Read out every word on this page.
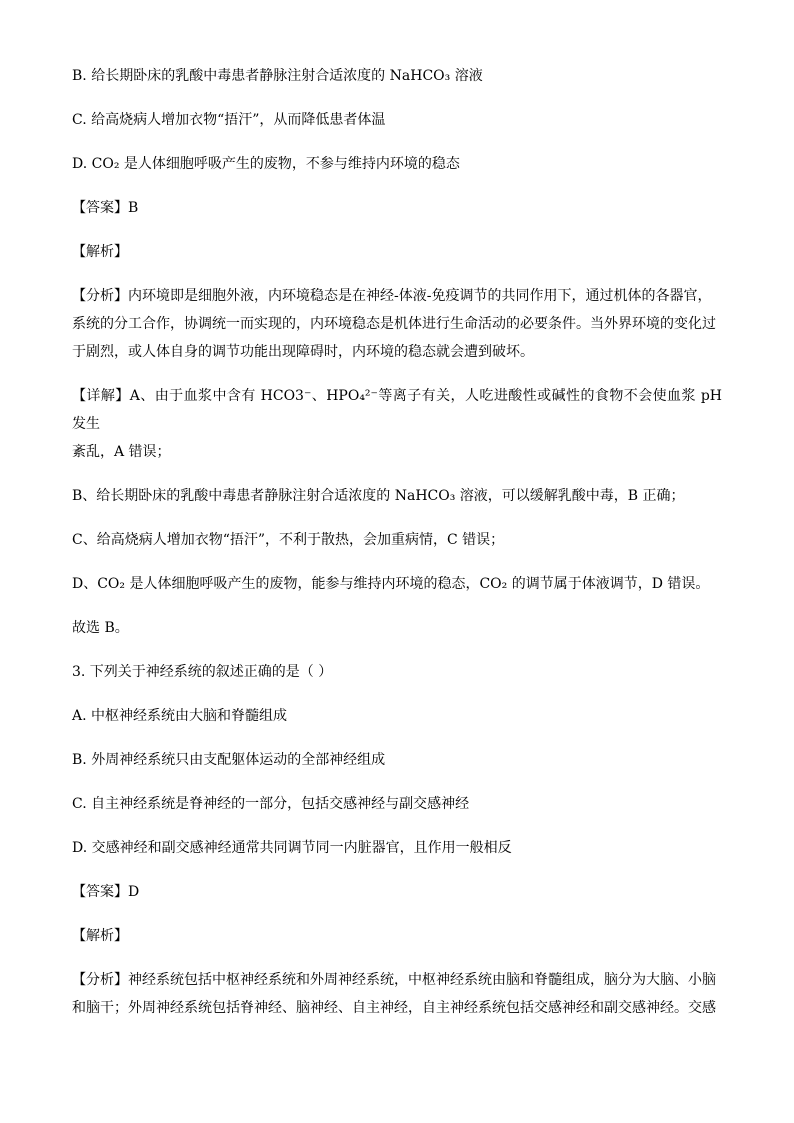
B. 给长期卧床的乳酸中毒患者静脉注射合适浓度的 NaHCO₃ 溶液
C. 给高烧病人增加衣物“捂汗”，从而降低患者体温
D. CO₂ 是人体细胞呼吸产生的废物，不参与维持内环境的稳态
【答案】B
【解析】

【分析】内环境即是细胞外液，内环境稳态是在神经-体液-免疫调节的共同作用下，通过机体的各器官，

系统的分工合作，协调统一而实现的，内环境稳态是机体进行生命活动的必要条件。当外界环境的变化过

于剧烈，或人体自身的调节功能出现障碍时，内环境的稳态就会遭到破坏。

【详解】A、由于血浆中含有 HCO3⁻、HPO₄²⁻等离子有关，人吃进酸性或碱性的食物不会使血浆 pH 发生

紊乱，A 错误；

B、给长期卧床的乳酸中毒患者静脉注射合适浓度的 NaHCO₃ 溶液，可以缓解乳酸中毒，B 正确；
C、给高烧病人增加衣物“捂汗”，不利于散热，会加重病情，C 错误；
D、CO₂ 是人体细胞呼吸产生的废物，能参与维持内环境的稳态，CO₂ 的调节属于体液调节，D 错误。
故选 B。
3. 下列关于神经系统的叙述正确的是（ ）
A. 中枢神经系统由大脑和脊髓组成
B. 外周神经系统只由支配躯体运动的全部神经组成
C. 自主神经系统是脊神经的一部分，包括交感神经与副交感神经
D. 交感神经和副交感神经通常共同调节同一内脏器官，且作用一般相反
【答案】D
【解析】

【分析】神经系统包括中枢神经系统和外周神经系统，中枢神经系统由脑和脊髓组成，脑分为大脑、小脑

和脑干；外周神经系统包括脊神经、脑神经、自主神经，自主神经系统包括交感神经和副交感神经。交感
